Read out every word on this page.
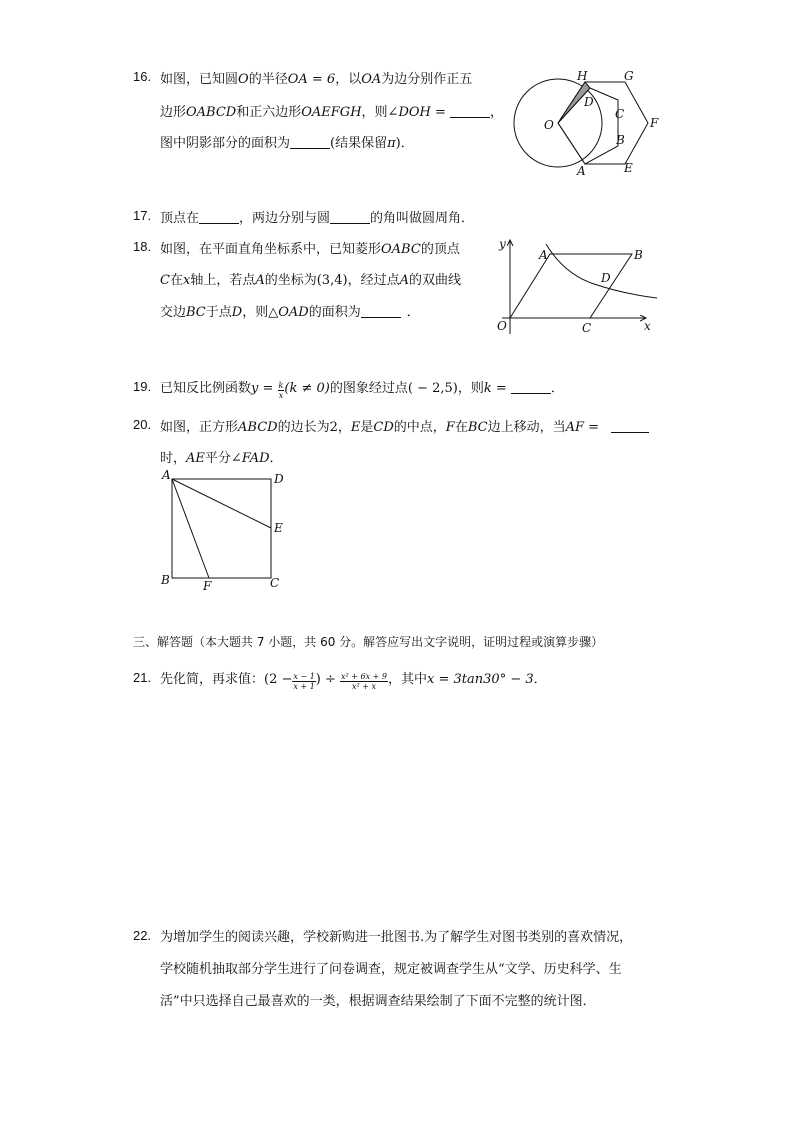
16. 如图，已知圆O的半径OA = 6，以OA为边分别作正五
边形OABCD和正六边形OAEFGH，则∠DOH =	，
图中阴影部分的面积为	(结果保留π)．
H	G
D
C
O	F
B
A	E
17. 顶点在	，两边分别与圆	的角叫做圆周角．
18. 如图，在平面直角坐标系中，已知菱形OABC的顶点
C在x轴上，若点A的坐标为(3,4)，经过点A的双曲线
交边BC于点D，则△OAD的面积为	．
y
A	B
D
O	C	x
19. 已知反比例函数$y = \frac{k}{x} (k \ne 0)$的图象经过点( − 2,5)，则k =	．
20. 如图，正方形ABCD的边长为2，E是CD的中点，F在BC边上移动，当AF =
时，AE平分∠FAD．
A	D
E
B	F	C
三、解答题（本大题共 7 小题，共 60 分。解答应写出文字说明，证明过程或演算步骤）
21. 先化简，再求值：($2 - \frac{x - 1}{x + 1}$ ) ÷ $\frac{\text{x² + 6x + 9}}{\text{x² + x}}$ ，其中x = 3tan30° − 3．
22. 为增加学生的阅读兴趣，学校新购进一批图书.为了解学生对图书类别的喜欢情况，
学校随机抽取部分学生进行了问卷调查，规定被调查学生从“文学、历史科学、生
活”中只选择自己最喜欢的一类，根据调查结果绘制了下面不完整的统计图．
